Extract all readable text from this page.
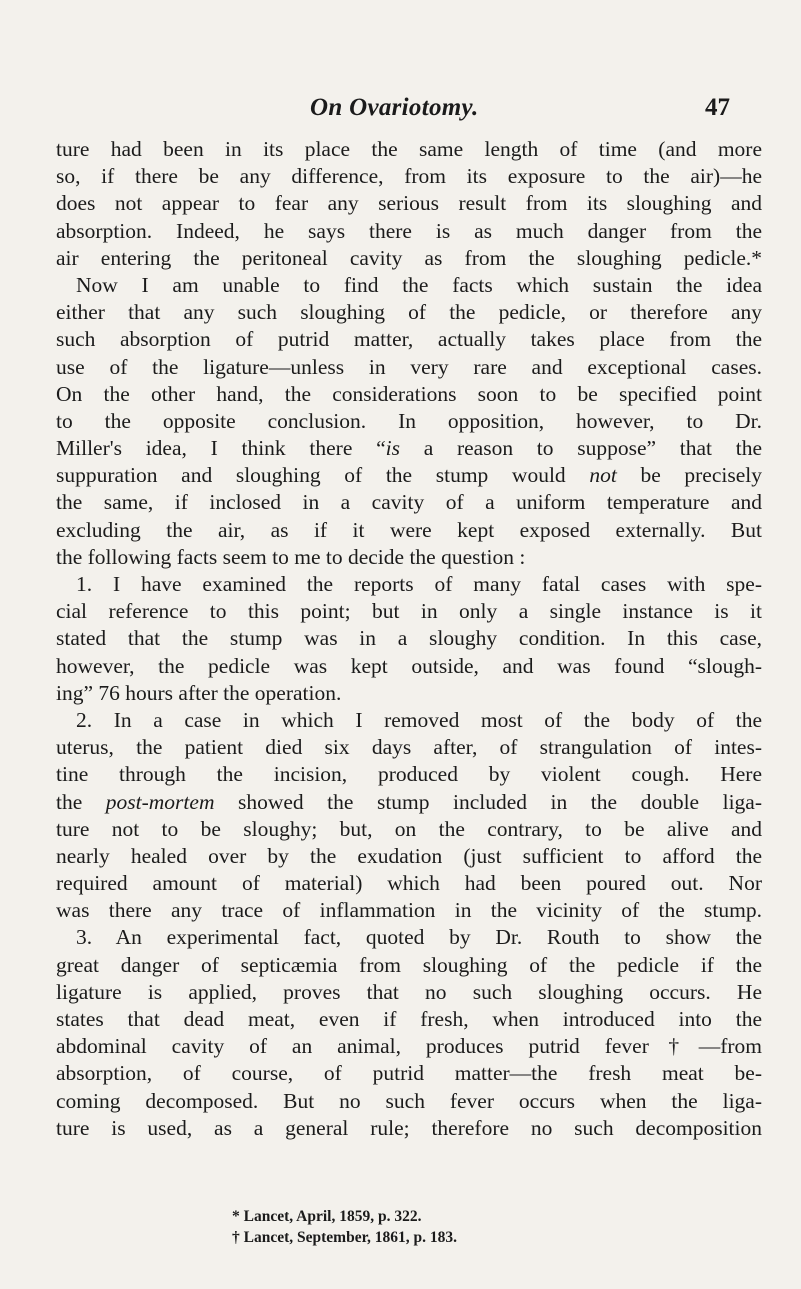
On Ovariotomy.	47
ture had been in its place the same length of time (and more
so, if there be any difference, from its exposure to the air)—he
does not appear to fear any serious result from its sloughing and
absorption. Indeed, he says there is as much danger from the
air entering the peritoneal cavity as from the sloughing pedicle.*
Now I am unable to find the facts which sustain the idea
either that any such sloughing of the pedicle, or therefore any
such absorption of putrid matter, actually takes place from the
use of the ligature—unless in very rare and exceptional cases.
On the other hand, the considerations soon to be specified point
to the opposite conclusion. In opposition, however, to Dr.
Miller's idea, I think there “is a reason to suppose” that the
suppuration and sloughing of the stump would not be precisely
the same, if inclosed in a cavity of a uniform temperature and
excluding the air, as if it were kept exposed externally. But
the following facts seem to me to decide the question :
1. I have examined the reports of many fatal cases with spe-
cial reference to this point; but in only a single instance is it
stated that the stump was in a sloughy condition. In this case,
however, the pedicle was kept outside, and was found “slough-
ing” 76 hours after the operation.
2. In a case in which I removed most of the body of the
uterus, the patient died six days after, of strangulation of intes-
tine through the incision, produced by violent cough. Here
the post-mortem showed the stump included in the double liga-
ture not to be sloughy; but, on the contrary, to be alive and
nearly healed over by the exudation (just sufficient to afford the
required amount of material) which had been poured out. Nor
was there any trace of inflammation in the vicinity of the stump.
3. An experimental fact, quoted by Dr. Routh to show the
great danger of septicæmia from sloughing of the pedicle if the
ligature is applied, proves that no such sloughing occurs. He
states that dead meat, even if fresh, when introduced into the
abdominal cavity of an animal, produces putrid fever†—from
absorption, of course, of putrid matter—the fresh meat be-
coming decomposed. But no such fever occurs when the liga-
ture is used, as a general rule; therefore no such decomposition
* Lancet, April, 1859, p. 322.
† Lancet, September, 1861, p. 183.
